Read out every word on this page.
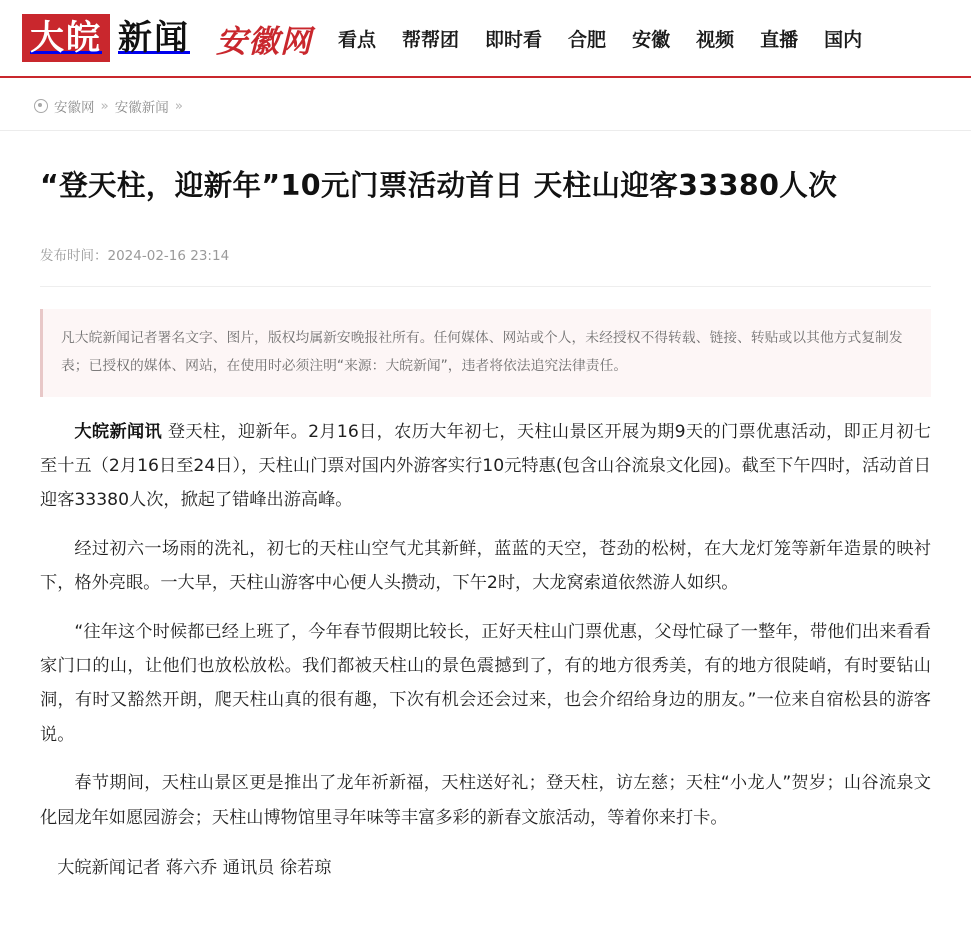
大皖 新闻 安徽网 看点 帮帮团 即时看 合肥 安徽 视频 直播 国内
安徽网 » 安徽新闻 »
“登天柱，迎新年”10元门票活动首日 天柱山迎客33380人次
发布时间：2024-02-16 23:14
凡大皖新闻记者署名文字、图片，版权均属新安晚报社所有。任何媒体、网站或个人，未经授权不得转载、链接、转贴或以其他方式复制发表；已授权的媒体、网站，在使用时必须注明“来源：大皖新闻”，违者将依法追究法律责任。

大皖新闻讯 登天柱，迎新年。2月16日，农历大年初七，天柱山景区开展为期9天的门票优惠活动，即正月初七至十五（2月16日至24日），天柱山门票对国内外游客实行10元特惠(包含山谷流泉文化园)。截至下午四时，活动首日迎客33380人次，掀起了错峰出游高峰。

经过初六一场雨的洗礼，初七的天柱山空气尤其新鲜，蓝蓝的天空，苍劲的松树，在大龙灯笼等新年造景的映衬下，格外亮眼。一大早，天柱山游客中心便人头攒动，下午2时，大龙窝索道依然游人如织。

“往年这个时候都已经上班了，今年春节假期比较长，正好天柱山门票优惠，父母忙碌了一整年，带他们出来看看家门口的山，让他们也放松放松。我们都被天柱山的景色震撼到了，有的地方很秀美，有的地方很陡峭，有时要钻山洞，有时又豁然开朗，爬天柱山真的很有趣，下次有机会还会过来，也会介绍给身边的朋友。”一位来自宿松县的游客说。

春节期间，天柱山景区更是推出了龙年祈新福，天柱送好礼；登天柱，访左慈；天柱“小龙人”贺岁；山谷流泉文化园龙年如愿园游会；天柱山博物馆里寻年味等丰富多彩的新春文旅活动，等着你来打卡。

大皖新闻记者 蒋六乔 通讯员 徐若琼
